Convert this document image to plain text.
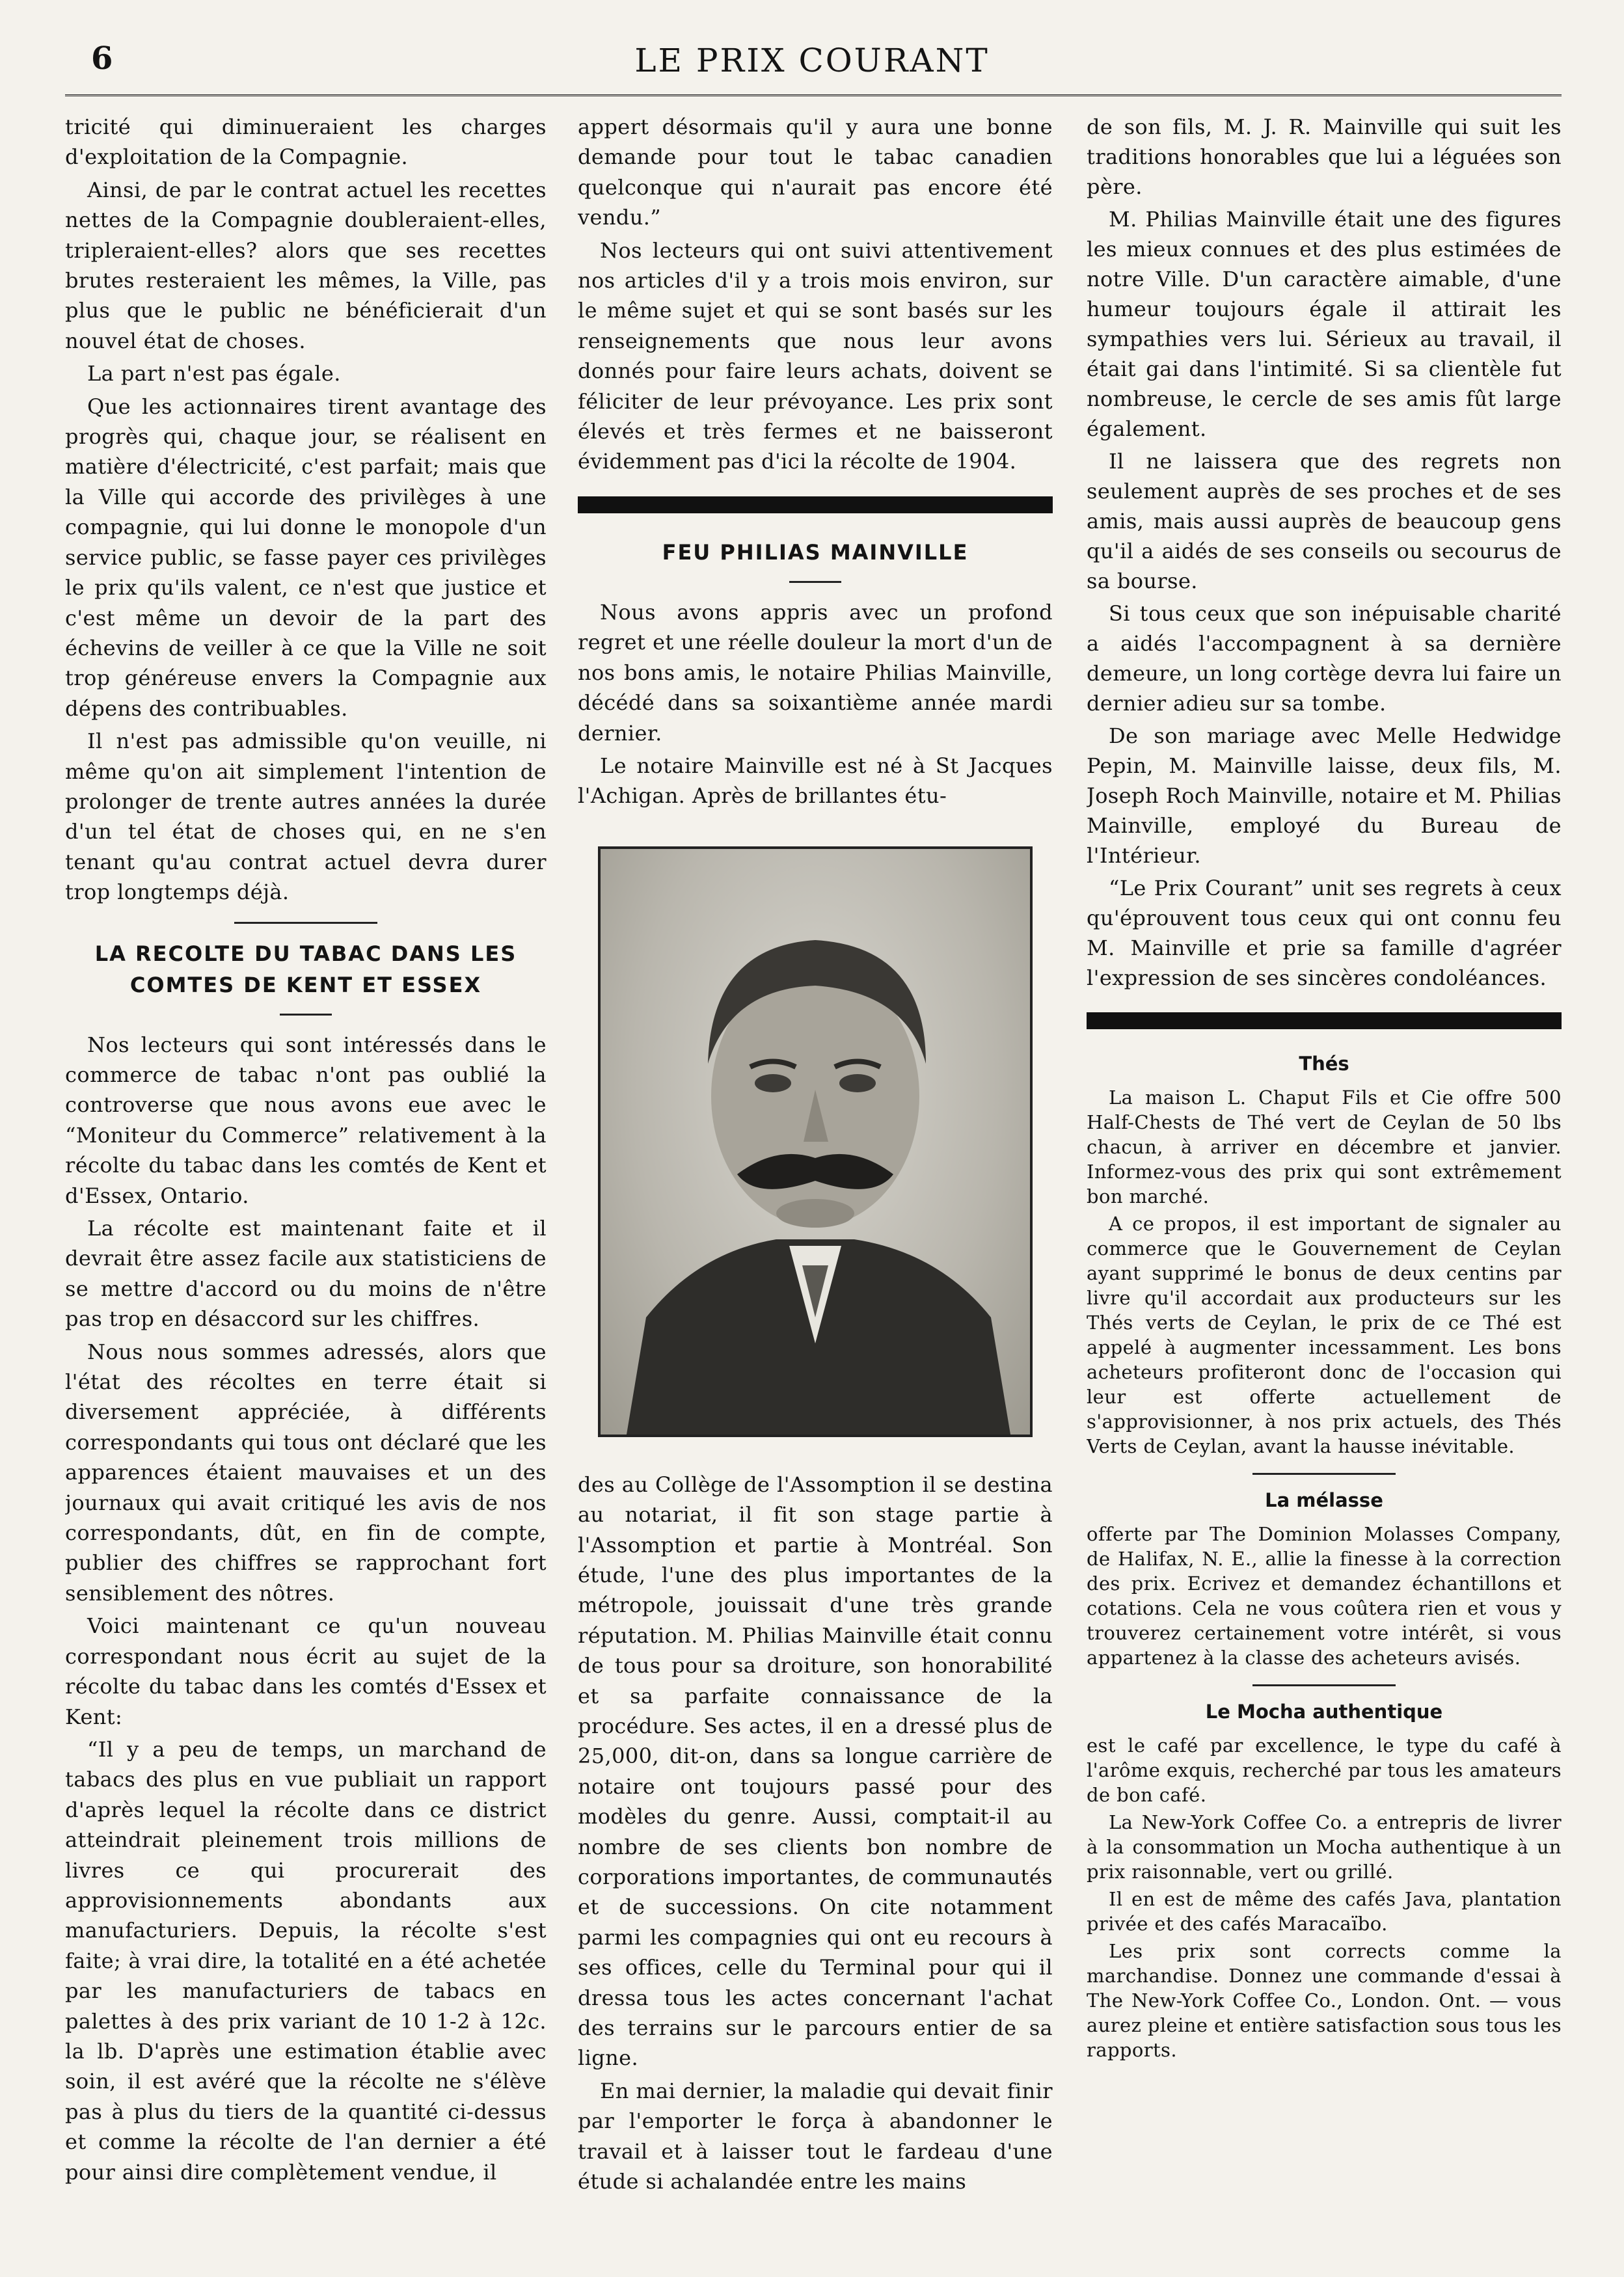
6	LE PRIX COURANT

tricité qui diminueraient les charges d'exploitation de la Compagnie.

Ainsi, de par le contrat actuel les recettes nettes de la Compagnie doubleraient-elles, tripleraient-elles? alors que ses recettes brutes resteraient les mêmes, la Ville, pas plus que le public ne bénéficierait d'un nouvel état de choses.

La part n'est pas égale.

Que les actionnaires tirent avantage des progrès qui, chaque jour, se réalisent en matière d'électricité, c'est parfait; mais que la Ville qui accorde des privilèges à une compagnie, qui lui donne le monopole d'un service public, se fasse payer ces privilèges le prix qu'ils valent, ce n'est que justice et c'est même un devoir de la part des échevins de veiller à ce que la Ville ne soit trop généreuse envers la Compagnie aux dépens des contribuables.

Il n'est pas admissible qu'on veuille, ni même qu'on ait simplement l'intention de prolonger de trente autres années la durée d'un tel état de choses qui, en ne s'en tenant qu'au contrat actuel devra durer trop longtemps déjà.

LA RECOLTE DU TABAC DANS LES COMTES DE KENT ET ESSEX

Nos lecteurs qui sont intéressés dans le commerce de tabac n'ont pas oublié la controverse que nous avons eue avec le “Moniteur du Commerce” relativement à la récolte du tabac dans les comtés de Kent et d'Essex, Ontario.

La récolte est maintenant faite et il devrait être assez facile aux statisticiens de se mettre d'accord ou du moins de n'être pas trop en désaccord sur les chiffres.

Nous nous sommes adressés, alors que l'état des récoltes en terre était si diversement appréciée, à différents correspondants qui tous ont déclaré que les apparences étaient mauvaises et un des journaux qui avait critiqué les avis de nos correspondants, dût, en fin de compte, publier des chiffres se rapprochant fort sensiblement des nôtres.

Voici maintenant ce qu'un nouveau correspondant nous écrit au sujet de la récolte du tabac dans les comtés d'Essex et Kent:

“Il y a peu de temps, un marchand de tabacs des plus en vue publiait un rapport d'après lequel la récolte dans ce district atteindrait pleinement trois millions de livres ce qui procurerait des approvisionnements abondants aux manufacturiers. Depuis, la récolte s'est faite; à vrai dire, la totalité en a été achetée par les manufacturiers de tabacs en palettes à des prix variant de 10 1-2 à 12c. la lb. D'après une estimation établie avec soin, il est avéré que la récolte ne s'élève pas à plus du tiers de la quantité ci-dessus et comme la récolte de l'an dernier a été pour ainsi dire complètement vendue, il

appert désormais qu'il y aura une bonne demande pour tout le tabac canadien quelconque qui n'aurait pas encore été vendu.”

Nos lecteurs qui ont suivi attentivement nos articles d'il y a trois mois environ, sur le même sujet et qui se sont basés sur les renseignements que nous leur avons donnés pour faire leurs achats, doivent se féliciter de leur prévoyance. Les prix sont élevés et très fermes et ne baisseront évidemment pas d'ici la récolte de 1904.

FEU PHILIAS MAINVILLE

Nous avons appris avec un profond regret et une réelle douleur la mort d'un de nos bons amis, le notaire Philias Mainville, décédé dans sa soixantième année mardi dernier.

Le notaire Mainville est né à St Jacques l'Achigan. Après de brillantes étu-

des au Collège de l'Assomption il se destina au notariat, il fit son stage partie à l'Assomption et partie à Montréal. Son étude, l'une des plus importantes de la métropole, jouissait d'une très grande réputation. M. Philias Mainville était connu de tous pour sa droiture, son honorabilité et sa parfaite connaissance de la procédure. Ses actes, il en a dressé plus de 25,000, dit-on, dans sa longue carrière de notaire ont toujours passé pour des modèles du genre. Aussi, comptait-il au nombre de ses clients bon nombre de corporations importantes, de communautés et de successions. On cite notamment parmi les compagnies qui ont eu recours à ses offices, celle du Terminal pour qui il dressa tous les actes concernant l'achat des terrains sur le parcours entier de sa ligne.

En mai dernier, la maladie qui devait finir par l'emporter le força à abandonner le travail et à laisser tout le fardeau d'une étude si achalandée entre les mains

de son fils, M. J. R. Mainville qui suit les traditions honorables que lui a léguées son père.

M. Philias Mainville était une des figures les mieux connues et des plus estimées de notre Ville. D'un caractère aimable, d'une humeur toujours égale il attirait les sympathies vers lui. Sérieux au travail, il était gai dans l'intimité. Si sa clientèle fut nombreuse, le cercle de ses amis fût large également.

Il ne laissera que des regrets non seulement auprès de ses proches et de ses amis, mais aussi auprès de beaucoup gens qu'il a aidés de ses conseils ou secourus de sa bourse.

Si tous ceux que son inépuisable charité a aidés l'accompagnent à sa dernière demeure, un long cortège devra lui faire un dernier adieu sur sa tombe.

De son mariage avec Melle Hedwidge Pepin, M. Mainville laisse, deux fils, M. Joseph Roch Mainville, notaire et M. Philias Mainville, employé du Bureau de l'Intérieur.

“Le Prix Courant” unit ses regrets à ceux qu'éprouvent tous ceux qui ont connu feu M. Mainville et prie sa famille d'agréer l'expression de ses sincères condoléances.

Thés

La maison L. Chaput Fils et Cie offre 500 Half-Chests de Thé vert de Ceylan de 50 lbs chacun, à arriver en décembre et janvier. Informez-vous des prix qui sont extrêmement bon marché.

A ce propos, il est important de signaler au commerce que le Gouvernement de Ceylan ayant supprimé le bonus de deux centins par livre qu'il accordait aux producteurs sur les Thés verts de Ceylan, le prix de ce Thé est appelé à augmenter incessamment. Les bons acheteurs profiteront donc de l'occasion qui leur est offerte actuellement de s'approvisionner, à nos prix actuels, des Thés Verts de Ceylan, avant la hausse inévitable.

La mélasse

offerte par The Dominion Molasses Company, de Halifax, N. E., allie la finesse à la correction des prix. Ecrivez et demandez échantillons et cotations. Cela ne vous coûtera rien et vous y trouverez certainement votre intérêt, si vous appartenez à la classe des acheteurs avisés.

Le Mocha authentique

est le café par excellence, le type du café à l'arôme exquis, recherché par tous les amateurs de bon café.

La New-York Coffee Co. a entrepris de livrer à la consommation un Mocha authentique à un prix raisonnable, vert ou grillé.

Il en est de même des cafés Java, plantation privée et des cafés Maracaïbo.

Les prix sont corrects comme la marchandise. Donnez une commande d'essai à The New-York Coffee Co., London. Ont. — vous aurez pleine et entière satisfaction sous tous les rapports.
